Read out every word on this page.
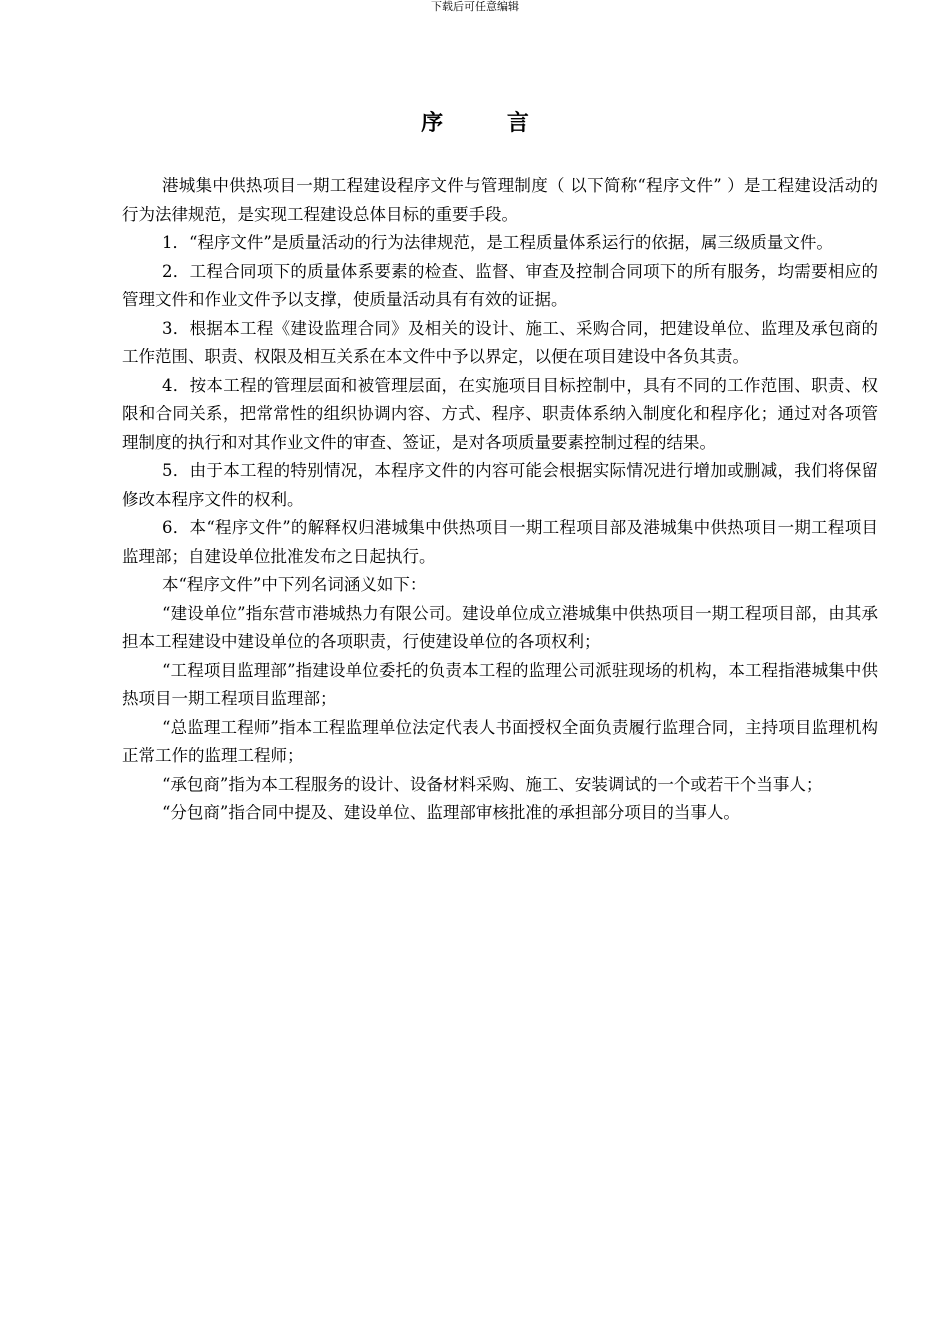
下载后可任意编辑
序 言

港城集中供热项目一期工程建设程序文件与管理制度（ 以下简称“程序文件” ）是工程建设活动的行为法律规范，是实现工程建设总体目标的重要手段。

1．“程序文件”是质量活动的行为法律规范，是工程质量体系运行的依据，属三级质量文件。

2．工程合同项下的质量体系要素的检查、监督、审查及控制合同项下的所有服务，均需要相应的管理文件和作业文件予以支撑，使质量活动具有有效的证据。

3．根据本工程《建设监理合同》及相关的设计、施工、采购合同，把建设单位、监理及承包商的工作范围、职责、权限及相互关系在本文件中予以界定，以便在项目建设中各负其责。

4．按本工程的管理层面和被管理层面，在实施项目目标控制中，具有不同的工作范围、职责、权限和合同关系，把常常性的组织协调内容、方式、程序、职责体系纳入制度化和程序化；通过对各项管理制度的执行和对其作业文件的审查、签证，是对各项质量要素控制过程的结果。

5．由于本工程的特别情况，本程序文件的内容可能会根据实际情况进行增加或删减，我们将保留修改本程序文件的权利。

6．本“程序文件”的解释权归港城集中供热项目一期工程项目部及港城集中供热项目一期工程项目监理部；自建设单位批准发布之日起执行。

本“程序文件”中下列名词涵义如下：

“建设单位”指东营市港城热力有限公司。建设单位成立港城集中供热项目一期工程项目部，由其承担本工程建设中建设单位的各项职责，行使建设单位的各项权利；

“工程项目监理部”指建设单位委托的负责本工程的监理公司派驻现场的机构，本工程指港城集中供热项目一期工程项目监理部；

“总监理工程师”指本工程监理单位法定代表人书面授权全面负责履行监理合同，主持项目监理机构正常工作的监理工程师；

“承包商”指为本工程服务的设计、设备材料采购、施工、安装调试的一个或若干个当事人；

“分包商”指合同中提及、建设单位、监理部审核批准的承担部分项目的当事人。
